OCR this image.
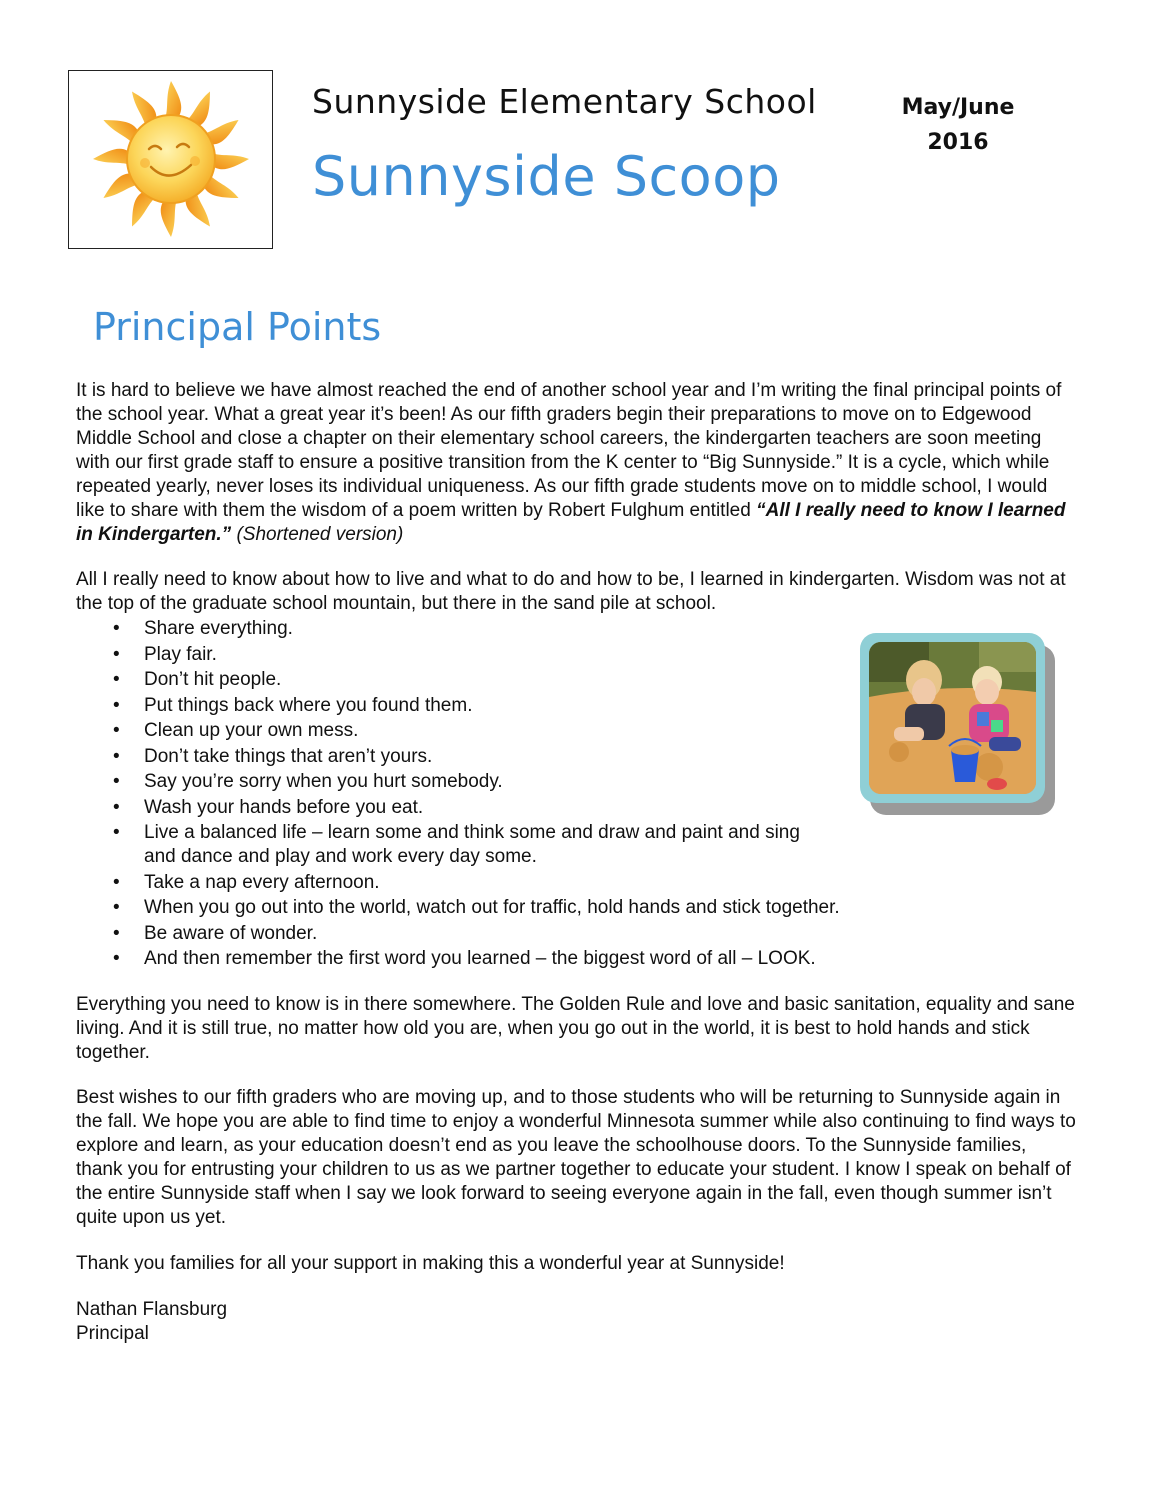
Sunnyside Elementary School
Sunnyside Scoop
May/June
2016
Principal Points

It is hard to believe we have almost reached the end of another school year and I’m writing the final principal points of the school year. What a great year it’s been! As our fifth graders begin their preparations to move on to Edgewood Middle School and close a chapter on their elementary school careers, the kindergarten teachers are soon meeting with our first grade staff to ensure a positive transition from the K center to “Big Sunnyside.” It is a cycle, which while repeated yearly, never loses its individual uniqueness. As our fifth grade students move on to middle school, I would like to share with them the wisdom of a poem written by Robert Fulghum entitled “All I really need to know I learned in Kindergarten.” (Shortened version)

All I really need to know about how to live and what to do and how to be, I learned in kindergarten. Wisdom was not at the top of the graduate school mountain, but there in the sand pile at school.

• Share everything.
• Play fair.
• Don’t hit people.
• Put things back where you found them.
• Clean up your own mess.
• Don’t take things that aren’t yours.
• Say you’re sorry when you hurt somebody.
• Wash your hands before you eat.
• Live a balanced life – learn some and think some and draw and paint and sing and dance and play and work every day some.
• Take a nap every afternoon.
• When you go out into the world, watch out for traffic, hold hands and stick together.
• Be aware of wonder.
• And then remember the first word you learned – the biggest word of all – LOOK.

Everything you need to know is in there somewhere. The Golden Rule and love and basic sanitation, equality and sane living. And it is still true, no matter how old you are, when you go out in the world, it is best to hold hands and stick together.

Best wishes to our fifth graders who are moving up, and to those students who will be returning to Sunnyside again in the fall. We hope you are able to find time to enjoy a wonderful Minnesota summer while also continuing to find ways to explore and learn, as your education doesn’t end as you leave the schoolhouse doors. To the Sunnyside families, thank you for entrusting your children to us as we partner together to educate your student. I know I speak on behalf of the entire Sunnyside staff when I say we look forward to seeing everyone again in the fall, even though summer isn’t quite upon us yet.

Thank you families for all your support in making this a wonderful year at Sunnyside!

Nathan Flansburg
Principal
